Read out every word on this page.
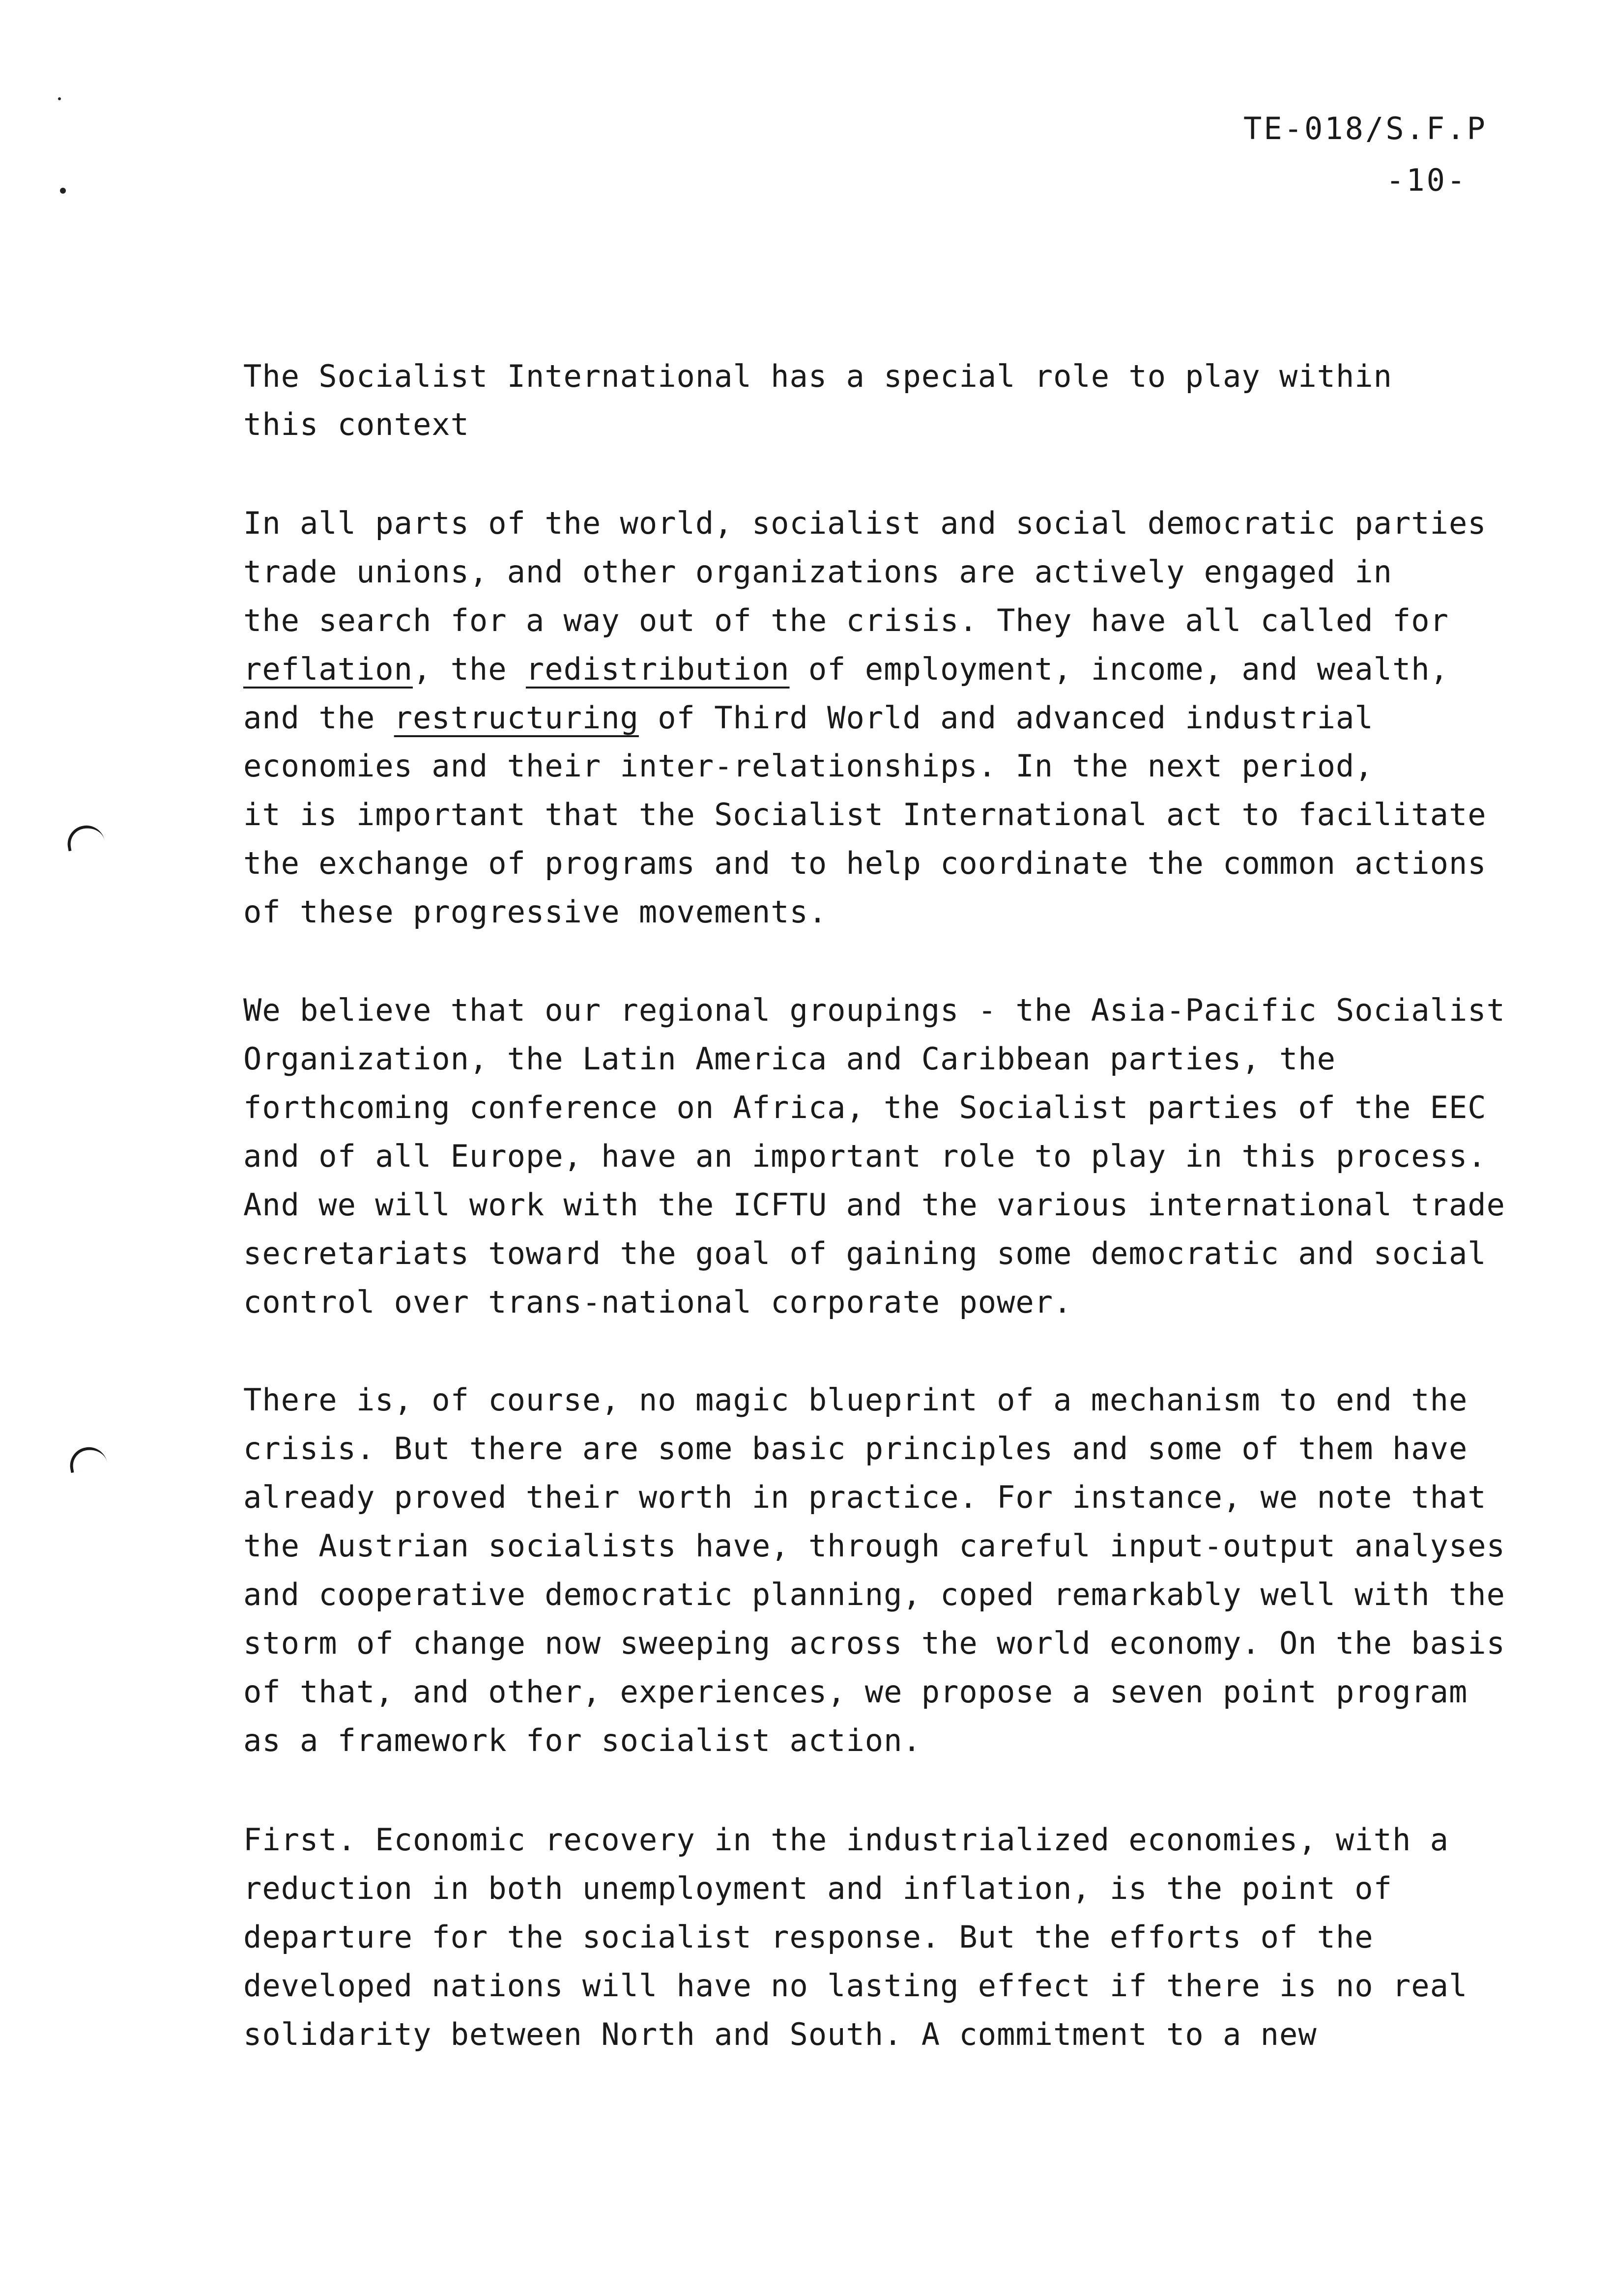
TE-018/S.F.P
-10-
The Socialist International has a special role to play within
this context
In all parts of the world, socialist and social democratic parties
trade unions, and other organizations are actively engaged in
the search for a way out of the crisis. They have all called for
reflation, the redistribution of employment, income, and wealth,
and the restructuring of Third World and advanced industrial
economies and their inter-relationships. In the next period,
it is important that the Socialist International act to facilitate
the exchange of programs and to help coordinate the common actions
of these progressive movements.
We believe that our regional groupings - the Asia-Pacific Socialist
Organization, the Latin America and Caribbean parties, the
forthcoming conference on Africa, the Socialist parties of the EEC
and of all Europe, have an important role to play in this process.
And we will work with the ICFTU and the various international trade
secretariats toward the goal of gaining some democratic and social
control over trans-national corporate power.
There is, of course, no magic blueprint of a mechanism to end the
crisis. But there are some basic principles and some of them have
already proved their worth in practice. For instance, we note that
the Austrian socialists have, through careful input-output analyses
and cooperative democratic planning, coped remarkably well with the
storm of change now sweeping across the world economy. On the basis
of that, and other, experiences, we propose a seven point program
as a framework for socialist action.
First. Economic recovery in the industrialized economies, with a
reduction in both unemployment and inflation, is the point of
departure for the socialist response. But the efforts of the
developed nations will have no lasting effect if there is no real
solidarity between North and South. A commitment to a new
